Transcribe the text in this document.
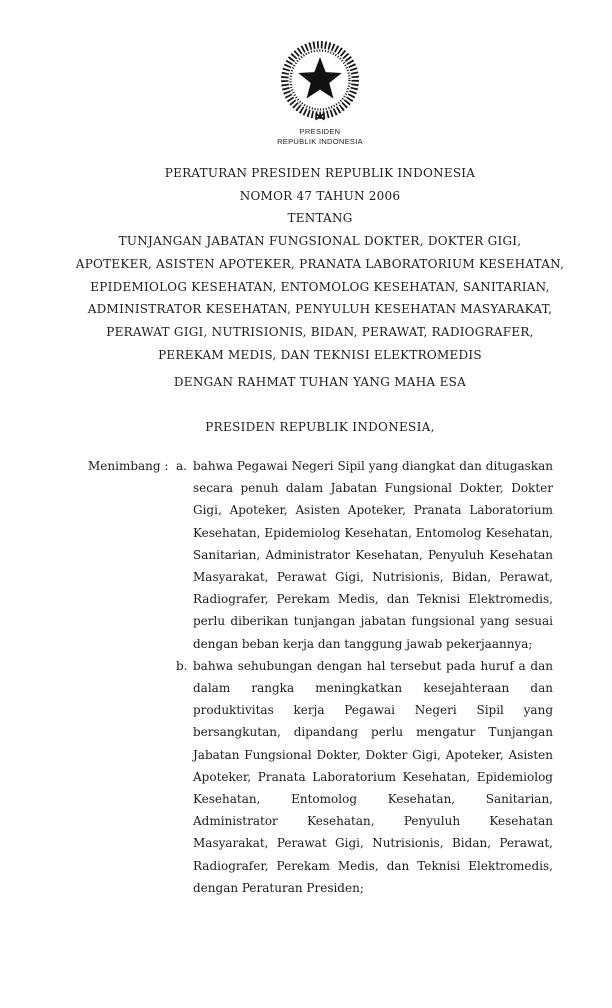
PRESIDEN
REPUBLIK INDONESIA
PERATURAN PRESIDEN REPUBLIK INDONESIA
NOMOR 47 TAHUN 2006
TENTANG
TUNJANGAN JABATAN FUNGSIONAL DOKTER, DOKTER GIGI,
APOTEKER, ASISTEN APOTEKER, PRANATA LABORATORIUM KESEHATAN,
EPIDEMIOLOG KESEHATAN, ENTOMOLOG KESEHATAN, SANITARIAN,
ADMINISTRATOR KESEHATAN, PENYULUH KESEHATAN MASYARAKAT,
PERAWAT GIGI, NUTRISIONIS, BIDAN, PERAWAT, RADIOGRAFER,
PEREKAM MEDIS, DAN TEKNISI ELEKTROMEDIS
DENGAN RAHMAT TUHAN YANG MAHA ESA
PRESIDEN REPUBLIK INDONESIA,
Menimbang : a. bahwa Pegawai Negeri Sipil yang diangkat dan ditugaskan secara penuh dalam Jabatan Fungsional Dokter, Dokter Gigi, Apoteker, Asisten Apoteker, Pranata Laboratorium Kesehatan, Epidemiolog Kesehatan, Entomolog Kesehatan, Sanitarian, Administrator Kesehatan, Penyuluh Kesehatan Masyarakat, Perawat Gigi, Nutrisionis, Bidan, Perawat, Radiografer, Perekam Medis, dan Teknisi Elektromedis, perlu diberikan tunjangan jabatan fungsional yang sesuai dengan beban kerja dan tanggung jawab pekerjaannya;
b. bahwa sehubungan dengan hal tersebut pada huruf a dan dalam rangka meningkatkan kesejahteraan dan produktivitas kerja Pegawai Negeri Sipil yang bersangkutan, dipandang perlu mengatur Tunjangan Jabatan Fungsional Dokter, Dokter Gigi, Apoteker, Asisten Apoteker, Pranata Laboratorium Kesehatan, Epidemiolog Kesehatan, Entomolog Kesehatan, Sanitarian, Administrator Kesehatan, Penyuluh Kesehatan Masyarakat, Perawat Gigi, Nutrisionis, Bidan, Perawat, Radiografer, Perekam Medis, dan Teknisi Elektromedis, dengan Peraturan Presiden;
